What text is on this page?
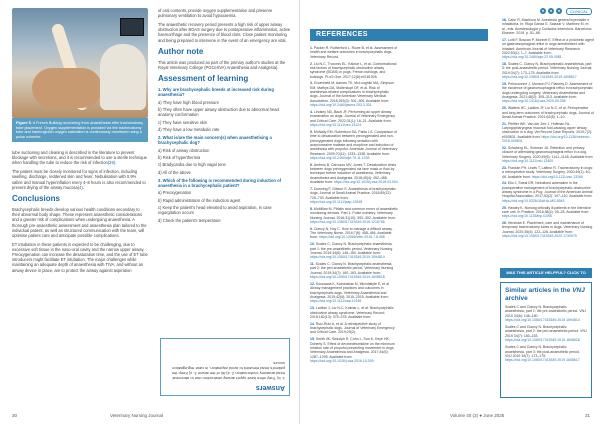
Figure 5. A French Bulldog recovering from anaesthesia after tracheostomy tube placement. Oxygen supplementation is provided via the tracheostomy tube and haemoglobin oxygen saturation is continuously monitored using a pulse oximeter.

tube suctioning and cleaning is described in the literature to prevent blockage with secretions, and it is recommended to use a sterile technique when handling the tube to reduce the risk of infection(29).

The patient must be closely monitored for signs of infection, including swelling, discharge, reddened skin and fever. Nebulisation with 0.9% saline and manual hyperinflation every 4–8 hours is also recommended to prevent drying of the airway mucosa(4).

Conclusions

Brachycephalic breeds develop various health conditions secondary to their abnormal body shape. These represent anaesthetic considerations and a greater risk of complications when undergoing anaesthesia. A thorough pre-anaesthetic assessment and anaesthesia plan tailored to the individual patient, as well as structured communication with the team, will optimise patient care and anticipate possible complications.

ET intubation in these patients is expected to be challenging, due to excessive soft tissue in the naso-oral cavity and the narrow upper airway. Preoxygenation can increase the desaturation time, and the use of ET tube introducers might facilitate ET intubation. The major challenges while maintaining an adequate depth of anaesthesia with TIVA, and without an airway device in place, are to protect the airway against aspiration

of oral contents, provide oxygen supplementation and preserve pulmonary ventilation to avoid hypoxaemia.

The anaesthetic recovery period presents a high risk of upper airway obstruction after BOAS surgery due to postoperative inflammation, active haemorrhage and the presence of blood clots. Close patient monitoring and being prepared to intervene in the event of an emergency are vital.

Author note

This article was produced as part of the primary author's studies at the Royal Veterinary College (PGCertVA) Anaesthesia and Analgesia).

Assessment of learning
1. Why are brachycephalic breeds at increased risk during anaesthesia?
a) They have high blood pressure
b) They often have upper airway obstruction due to abnormal head anatomy conformation
c) They have sensitive skin
d) They have a low metabolic rate
2. What is/are the main concern(s) when anaesthetising a brachycephalic dog?
a) Risk of airway obstruction
b) Risk of hyperthermia
c) Bradycardia due to high vagal tone
d) All of the above
3. Which of the following is recommended during induction of anaesthesia in a brachycephalic patient?
a) Preoxygenation
b) Rapid administration of the induction agent
c) Keep the patient's head elevated to avoid aspiration, in case regurgitation occurs
d) Check the patient's temperature
Answers
1. b) They often have upper airway obstruction due to abnormal head anatomy conformation 2. d) All of the above 3. c) Keep the patient's head elevated to avoid aspiration, in case regurgitation occurs
30	Veterinary Nursing Journal
●	●	●	CLINICAL
REFERENCES
1. Packer R, Rutherford L, Rowe B, et al. Assessment of health and welfare outcomes in brachycephalic dogs. Veterinary Record.
2. Liu N-C, Troconis EL, Kalmar L, et al. Conformational risk factors of brachycephalic obstructive airway syndrome (BOAS) in pugs, French bulldogs, and bulldogs. PLoS One. 2017;12(8):e0181928.
3. Gruenheid M, Aarnes TK, McLoughlin MA, Simpson EM, Mathys DA, Mollenkopf DF, et al. Risk of anesthesia-related complications in brachycephalic dogs. Journal of the American Veterinary Medical Association. 2018;253(3): 301–306. Available from: https://doi.org/10.2460/javma.253.3.301
4. Lindsey ND, Bach JF. Performing an upper airway examination on dogs. Journal of Veterinary Emergency and Critical Care. 2022;31(1): 16–21. Available from: https://doi.org/10.1111/vec.13124
5. McNally EM, Robertson SA, Pablo LS. Comparison of time to desaturation between preoxygenated and non-preoxygenated dogs following sedation with acepromazine maleate and morphine and induction of anesthesia with propofol. American Journal of Veterinary Research. 2009;70(11): 1333–1338. Available from: https://doi.org/10.2460/ajvr.70.11.1333
6. Ambros B, Carrozzo MV, Jones T. Desaturation times between dogs preoxygenated via face mask or flow-by technique before induction of anesthesia. Veterinary Anaesthesia and Analgesia. 2018;45(4): 452–458. Available from: https://doi.org/10.1016/j.vaa.2018.03.004
7. Downing F, Gibson S. Anaesthesia of brachycephalic dogs. Journal of Small Animal Practice. 2018;59(12): 725–733. Available from: https://doi.org/10.1111/jsap.12948
8. McMillan M. Pitfalls and common errors of anaesthetic monitoring devices. Part 1: Pulse oximetry. Veterinary Nursing Journal. 2016;31(10): 300–302. Available from: https://doi.org/10.1080/17415349.2016.1216766
9. Clancy N, Hoy C. How to manage a difficult airway. The Veterinary Nurse. 2016;7(8): 458–466. Available from: https://doi.org/10.12968/vetn.2016.7.8.458
10. Scales C, Clancy N. Brachycephalic anaesthesia, part 1: the pre-anaesthetic period. Veterinary Nursing Journal. 2019;34(6): 146–150. Available from: https://doi.org/10.1080/17415349.2019.1594814
11. Scales C, Clancy N. Brachycephalic anaesthesia, part 2: the peri-anaesthetic period. Veterinary Nursing Journal. 2019;34(7): 160–163. Available from: https://doi.org/10.1080/17415349.2019.1608618
12. Kurosawa K, Kaminskas M, Miciulaityte E, et al. Airway management practices and outcomes in brachycephalic dogs. Veterinary Anaesthesia and Analgesia. 2015;42(5): 2015–2015. Available from: https://doi.org/10.1111/vaa.12148
13. Ladlow J, Liu N-C, Kalmar L, et al. Brachycephalic obstructive airway syndrome. Veterinary Record. 2018;182(13): 375–378. Available from:
14. Ruiz-Ruiz A, et al. A retrospective study of brachycephalic dogs. Journal of Veterinary Emergency and Critical Care. 2019;29(2):
15. Smith IIK, Sedolph R, Cohn L, Sun K, Keyé HK, Doherty S. Effect of dexmedetomidine on the minimum infusion rate of propofol preventing movement in dogs. Veterinary Anaesthesia and Analgesia. 2017;44(6): 1287–1295. Available from: https://doi.org/10.1016/j.vaa.2016.10.009
16. Cahn R, Machuca M. Anestesia general inyectable e inhalatoria. In: Rioja Garcia E, Salazar V, Martinez M, et al., eds. Anestesiología y Cuidados Intensivos. Barcelona: Elsevier; 2019. p. 51–68.
17. Lotti F, Boscan P, Monnet E. Effect of a prokinetic agent on gastroesophageal reflux in dogs anesthetized with inhalant. American Journal of Veterinary Research. 2022;83(1): 1–7. Available from: https://doi.org/10.2460/ajvr.22.05.0081
18. Scales C, Clancy N. Brachycephalic anaesthesia, part 3: the post-anaesthetic period. Veterinary Nursing Journal. 2019;34(7): 173–175. Available from: https://doi.org/10.1080/17415349.2019.1608617
19. Pelrocconne J, Munson PJ, Flaherty D. Assessment of the incidence of gastroesophageal reflux in brachycephalic dogs undergoing surgery. Veterinary Anaesthesia and Analgesia. 2021;48(2): 305–313. Available from: https://doi.org/10.1016/j.vaa.2020.09.008
20. Watters HC, Ladlow JF, Liu N-C, et al. Perioperative and long-term outcomes of brachycephalic dogs. Journal of Small Animal Practice. 2021;62(8): 1–10.
21. Pfeiffer WE, Van der Zee J, Hoffman NL. Laryngopharyngeal mucosal fold-causing upper airway obstruction in a dog. Vet Record Case Reports. 2019;7(2): e000831. Available from: https://doi.org/10.1136/vetreccr-2018-000831
22. Schaberg KL, Sneman JA. Retention and primary closure of alternating gastroesophageal reflux in a dog. Veterinary Surgery. 2020;49(6): 1141–1148. Available from: https://doi.org/10.1111/vsu.13400
23. Franklin PH, Lewis T, Lafleur R. Tracheostomy in dogs: a retrospective study. Veterinary Surgery. 2020;49(1): 40–46. Available from: https://doi.org/10.1111/vsu.13265
24. Ello J, Sneal DR. Nebulised adrenaline in the postoperative management of brachycephalic obstructive airway syndrome in a Pug. Journal of the American Animal Hospital Association. 2017;53(2): 107–110. Available from: https://doi.org/10.5326/JAAHA-MS-6545
25. Hawley K. Nursing critically ill patients in the intensive care unit. In Practice. 2016;38(4): 25–28. Available from: https://doi.org/10.1136/inp.i1498
26. Hershaw E. Placement, care and maintenance of temporary tracheostomy tubes in dogs. Veterinary Nursing Journal. 2020;35(4): 122–126. Available from: https://doi.org/10.1080/17415349.2020.1730979
WAS THIS ARTICLE HELPFUL? CLICK TO REPLY
Similar articles in the VNJ archive
Scales C and Clancy N. Brachycephalic anaesthesia, part 1: the pre-anaesthetic period. VNJ 2019 34(6): 146–150. https://doi.org/10.1080/17415349.2019.1594814
Scales C and Clancy N. Brachycephalic anaesthesia, part 2: the peri-anaesthetic period. VNJ 2019 34(7): 160–163. https://doi.org/10.1080/17415349.2019.1608618
Scales C and Clancy N. Brachycephalic anaesthesia, part 3: the post-anaesthetic period. VNJ 2019 34(7): 173–175. https://doi.org/10.1080/17415349.2019.1608617
Volume 40 (3) ● June 2025	31
